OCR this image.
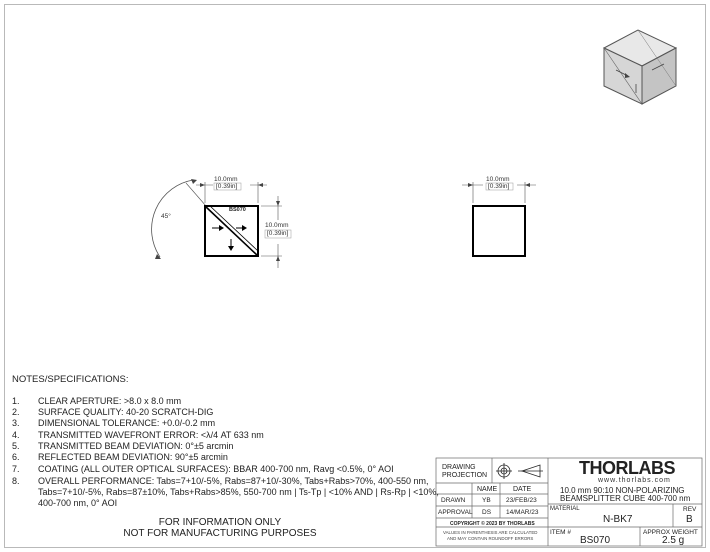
10.0mm
[0.39in]
10.0mm
[0.39in]
10.0mm
[0.39in]
45°
BS070
NOTES/SPECIFICATIONS:
1.	CLEAR APERTURE: >8.0 x 8.0 mm
2.	SURFACE QUALITY: 40-20 SCRATCH-DIG
3.	DIMENSIONAL TOLERANCE: +0.0/-0.2 mm
4.	TRANSMITTED WAVEFRONT ERROR: <λ/4 AT 633 nm
5.	TRANSMITTED BEAM DEVIATION: 0°±5 arcmin
6.	REFLECTED BEAM DEVIATION: 90°±5 arcmin
7.	COATING (ALL OUTER OPTICAL SURFACES): BBAR 400-700 nm, Ravg <0.5%, 0° AOI
8.	OVERALL PERFORMANCE: Tabs=7+10/-5%, Rabs=87+10/-30%, Tabs+Rabs>70%, 400-550 nm,
Tabs=7+10/-5%, Rabs=87±10%, Tabs+Rabs>85%, 550-700 nm | Ts-Tp | <10% AND | Rs-Rp | <10%,
400-700 nm, 0° AOI
FOR INFORMATION ONLY
NOT FOR MANUFACTURING PURPOSES
DRAWING
PROJECTION
NAME DATE
DRAWN	YB 23/FEB/23
APPROVAL DS 14/MAR/23
COPYRIGHT © 2023 BY THORLABS
VALUES IN PARENTHESIS ARE CALCULATED
AND MAY CONTAIN ROUNDOFF ERRORS
THORLABS
www.thorlabs.com
10.0 mm 90:10 NON-POLARIZING
BEAMSPLITTER CUBE 400-700 nm
MATERIAL
N-BK7
REV
B
ITEM #
BS070
APPROX WEIGHT
2.5 g
